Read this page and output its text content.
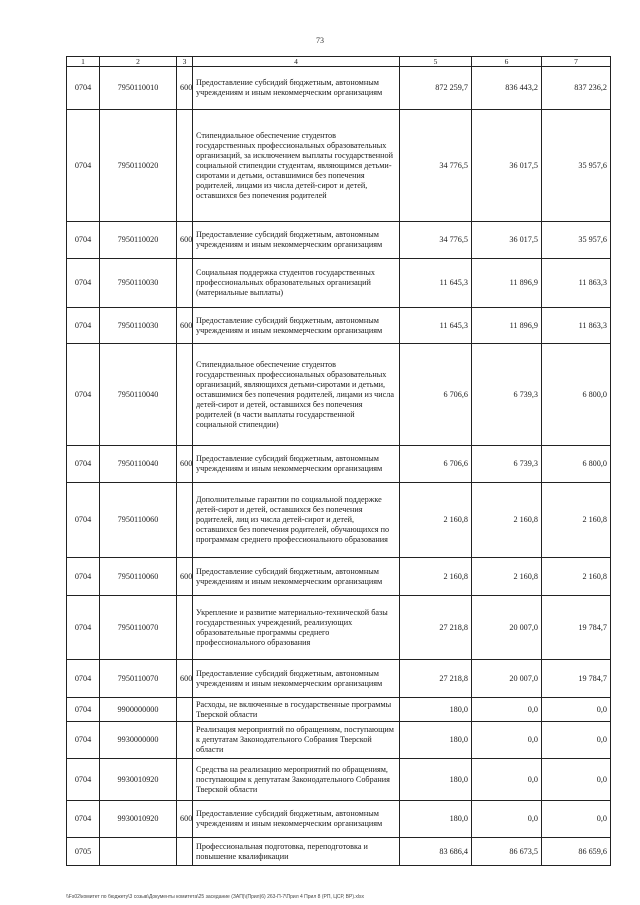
73
1	2	3	4	5	6	7
0704	7950110010	600	Предоставление субсидий бюджетным, автономным учреждениям и иным некоммерческим организациям	872 259,7	836 443,2	837 236,2
0704	7950110020		Стипендиальное обеспечение студентов государственных профессиональных образовательных организаций, за исключением выплаты государственной социальной стипендии студентам, являющимся детьми-сиротами и детьми, оставшимися без попечения родителей, лицами из числа детей-сирот и детей, оставшихся без попечения родителей	34 776,5	36 017,5	35 957,6
0704	7950110020	600	Предоставление субсидий бюджетным, автономным учреждениям и иным некоммерческим организациям	34 776,5	36 017,5	35 957,6
0704	7950110030		Социальная поддержка студентов государственных профессиональных образовательных организаций (материальные выплаты)	11 645,3	11 896,9	11 863,3
0704	7950110030	600	Предоставление субсидий бюджетным, автономным учреждениям и иным некоммерческим организациям	11 645,3	11 896,9	11 863,3
0704	7950110040		Стипендиальное обеспечение студентов государственных профессиональных образовательных организаций, являющихся детьми-сиротами и детьми, оставшимися без попечения родителей, лицами из числа детей-сирот и детей, оставшихся без попечения родителей (в части выплаты государственной социальной стипендии)	6 706,6	6 739,3	6 800,0
0704	7950110040	600	Предоставление субсидий бюджетным, автономным учреждениям и иным некоммерческим организациям	6 706,6	6 739,3	6 800,0
0704	7950110060		Дополнительные гарантии по социальной поддержке детей-сирот и детей, оставшихся без попечения родителей, лиц из числа детей-сирот и детей, оставшихся без попечения родителей, обучающихся по программам среднего профессионального образования	2 160,8	2 160,8	2 160,8
0704	7950110060	600	Предоставление субсидий бюджетным, автономным учреждениям и иным некоммерческим организациям	2 160,8	2 160,8	2 160,8
0704	7950110070		Укрепление и развитие материально-технической базы государственных учреждений, реализующих образовательные программы среднего профессионального образования	27 218,8	20 007,0	19 784,7
0704	7950110070	600	Предоставление субсидий бюджетным, автономным учреждениям и иным некоммерческим организациям	27 218,8	20 007,0	19 784,7
0704	9900000000		Расходы, не включенные в государственные программы Тверской области	180,0	0,0	0,0
0704	9930000000		Реализация мероприятий по обращениям, поступающим к депутатам Законодательного Собрания Тверской области	180,0	0,0	0,0
0704	9930010920		Средства на реализацию мероприятий по обращениям, поступающим к депутатам Законодательного Собрания Тверской области	180,0	0,0	0,0
0704	9930010920	600	Предоставление субсидий бюджетным, автономным учреждениям и иным некоммерческим организациям	180,0	0,0	0,0
0705			Профессиональная подготовка, переподготовка и повышение квалификации	83 686,4	86 673,5	86 659,6
\\Fs02\комитет по бюджету\3 созыв\Документы комитета\25 заседание (ЗАП)\(Прил)6) 263-П-7\Прил 4 Прил 8 (РП, ЦСР, ВР).xlsx
